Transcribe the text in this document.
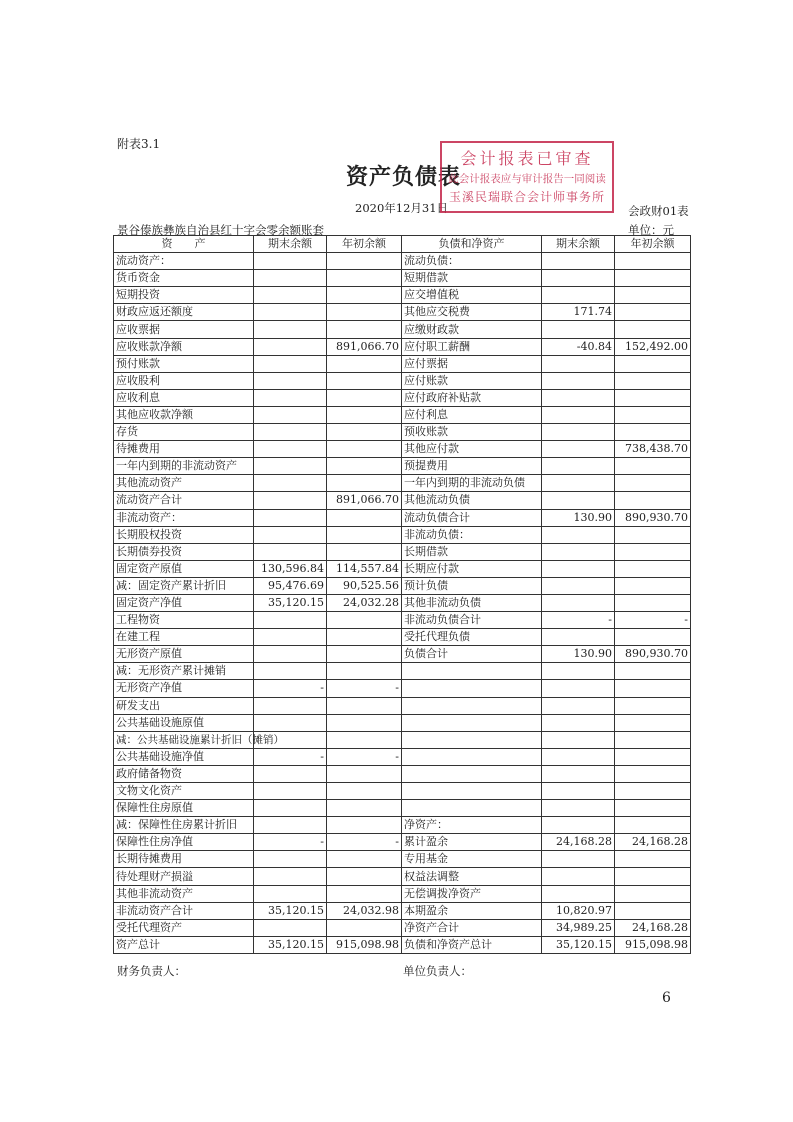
附表3.1
资产负债表
2020年12月31日	会政财01表
景谷傣族彝族自治县红十字会零余额账套	单位：元
会计报表已审查
此会计报表应与审计报告一同阅读
玉溪民瑞联合会计师事务所
资　　产	期末余额	年初余额	负债和净资产	期末余额	年初余额
流动资产：			流动负债：		
货币资金			短期借款		
短期投资			应交增值税		
财政应返还额度			其他应交税费	171.74	
应收票据			应缴财政款		
应收账款净额		891,066.70	应付职工薪酬	-40.84	152,492.00
预付账款			应付票据		
应收股利			应付账款		
应收利息			应付政府补贴款		
其他应收款净额			应付利息		
存货			预收账款		
待摊费用			其他应付款		738,438.70
一年内到期的非流动资产			预提费用		
其他流动资产			一年内到期的非流动负债		
流动资产合计		891,066.70	其他流动负债		
非流动资产：			流动负债合计	130.90	890,930.70
长期股权投资			非流动负债：		
长期债券投资			长期借款		
固定资产原值	130,596.84	114,557.84	长期应付款		
减：固定资产累计折旧	95,476.69	90,525.56	预计负债		
固定资产净值	35,120.15	24,032.28	其他非流动负债		
工程物资			非流动负债合计	-	-
在建工程			受托代理负债		
无形资产原值			负债合计	130.90	890,930.70
减：无形资产累计摊销					
无形资产净值	-	-			
研发支出					
公共基础设施原值					
减：公共基础设施累计折旧（摊销）					
公共基础设施净值	-	-			
政府储备物资					
文物文化资产					
保障性住房原值					
减：保障性住房累计折旧			净资产：		
保障性住房净值	-	-	累计盈余	24,168.28	24,168.28
长期待摊费用			专用基金		
待处理财产损溢			权益法调整		
其他非流动资产			无偿调拨净资产		
非流动资产合计	35,120.15	24,032.98	本期盈余	10,820.97	
受托代理资产			净资产合计	34,989.25	24,168.28
资产总计	35,120.15	915,098.98	负债和净资产总计	35,120.15	915,098.98
财务负责人：	单位负责人：
6
